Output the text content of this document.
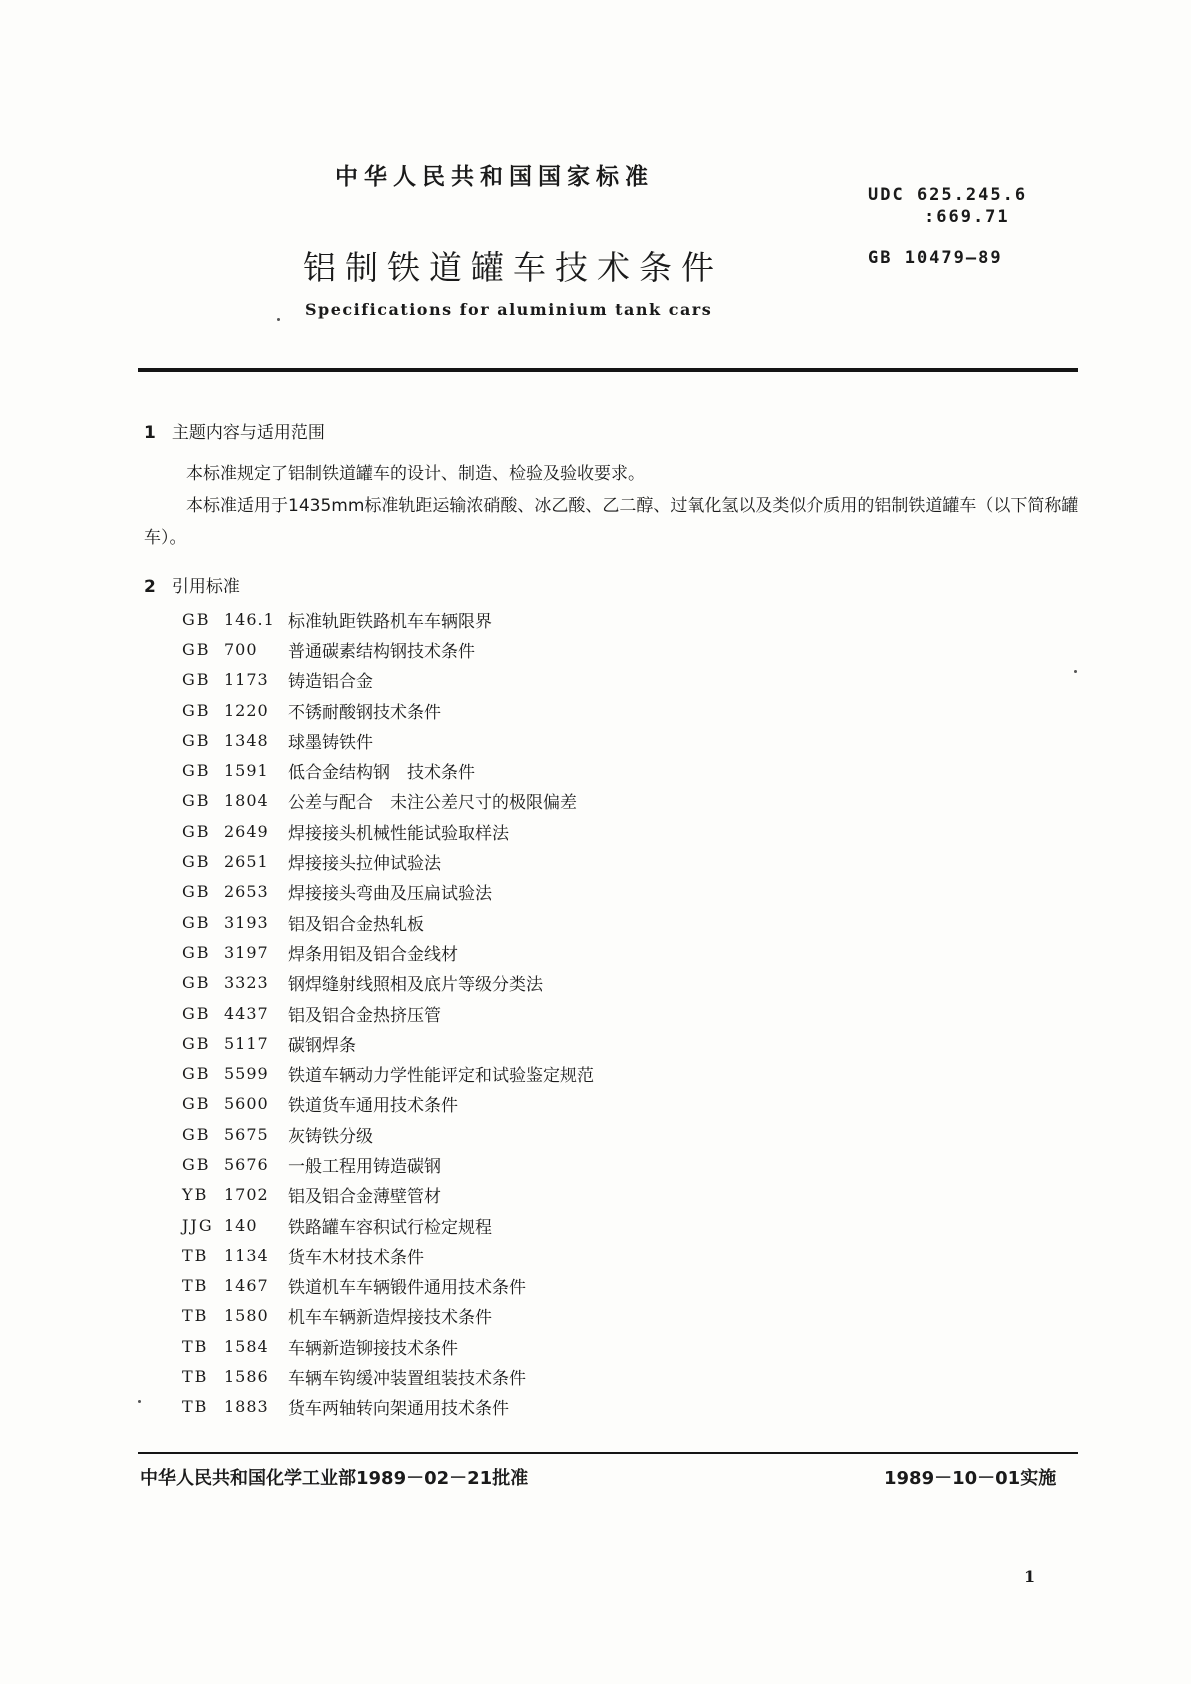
中华人民共和国国家标准
铝制铁道罐车技术条件
Specifications for aluminium tank cars
UDC 625.245.6
:669.71
GB 10479—89
1 主题内容与适用范围
本标准规定了铝制铁道罐车的设计、制造、检验及验收要求。
本标准适用于1435mm标准轨距运输浓硝酸、冰乙酸、乙二醇、过氧化氢以及类似介质用的铝制铁道罐车（以下简称罐车）。
2 引用标准
GB 146.1 标准轨距铁路机车车辆限界
GB 700	普通碳素结构钢技术条件
GB 1173	铸造铝合金
GB 1220	不锈耐酸钢技术条件
GB 1348	球墨铸铁件
GB 1591	低合金结构钢　技术条件
GB 1804	公差与配合　未注公差尺寸的极限偏差
GB 2649	焊接接头机械性能试验取样法
GB 2651	焊接接头拉伸试验法
GB 2653	焊接接头弯曲及压扁试验法
GB 3193	铝及铝合金热轧板
GB 3197	焊条用铝及铝合金线材
GB 3323	钢焊缝射线照相及底片等级分类法
GB 4437	铝及铝合金热挤压管
GB 5117	碳钢焊条
GB 5599	铁道车辆动力学性能评定和试验鉴定规范
GB 5600	铁道货车通用技术条件
GB 5675	灰铸铁分级
GB 5676	一般工程用铸造碳钢
YB 1702	铝及铝合金薄壁管材
JJG 140	铁路罐车容积试行检定规程
TB 1134	货车木材技术条件
TB 1467	铁道机车车辆锻件通用技术条件
TB 1580	机车车辆新造焊接技术条件
TB 1584	车辆新造铆接技术条件
TB 1586	车辆车钩缓冲装置组装技术条件
TB 1883	货车两轴转向架通用技术条件
中华人民共和国化学工业部1989－02－21批准	1989－10－01实施
1
